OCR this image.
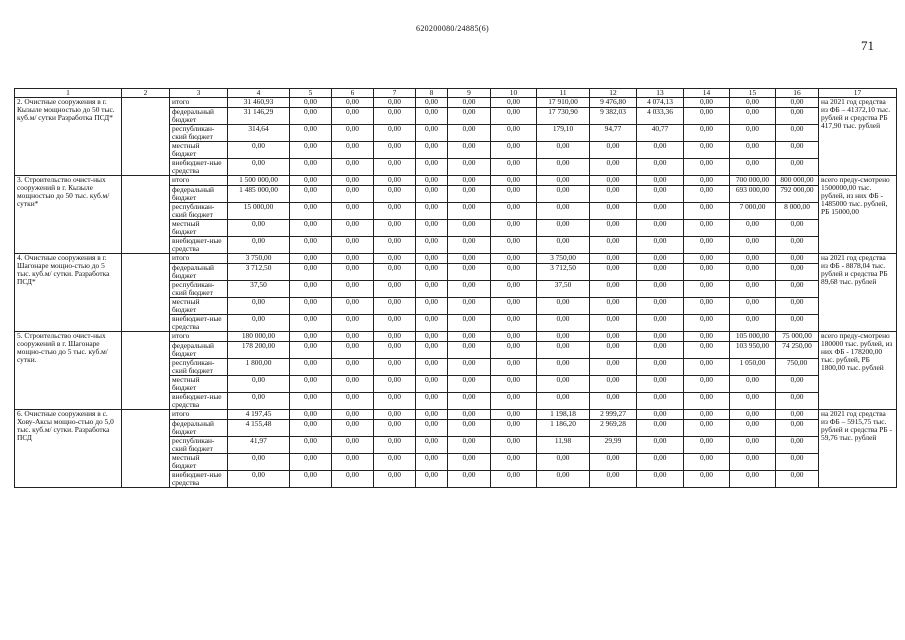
620200080/24885(6)
71
1	2	3	4	5	6	7	8	9	10	11	12	13	14	15	16	17
2. Очистные сооружения в г. Кызыле мощностью до 50 тыс. куб.м/ сутки Разработка ПСД*		итого	31 460,93	0,00	0,00	0,00	0,00	0,00	0,00	17 910,00	9 476,80	4 074,13	0,00	0,00	0,00	на 2021 год средства из ФБ – 41372,10 тыс. рублей и средства РБ 417,90 тыс. рублей
		федеральный бюджет	31 146,29	0,00	0,00	0,00	0,00	0,00	0,00	17 730,90	9 382,03	4 033,36	0,00	0,00	0,00	
		республикан-ский бюджет	314,64	0,00	0,00	0,00	0,00	0,00	0,00	179,10	94,77	40,77	0,00	0,00	0,00	
		местный бюджет	0,00	0,00	0,00	0,00	0,00	0,00	0,00	0,00	0,00	0,00	0,00	0,00	0,00	
		внебюджет-ные средства	0,00	0,00	0,00	0,00	0,00	0,00	0,00	0,00	0,00	0,00	0,00	0,00	0,00	
3. Строительство очист-ных сооружений в г. Кызыле мощностью до 50 тыс. куб.м/ сутки*		итого	1 500 000,00	0,00	0,00	0,00	0,00	0,00	0,00	0,00	0,00	0,00	0,00	700 000,00	800 000,00	всего преду-смотрено 1500000,00 тыс. рублей, из них ФБ - 1485000 тыс. рублей, РБ 15000,00
		федеральный бюджет	1 485 000,00	0,00	0,00	0,00	0,00	0,00	0,00	0,00	0,00	0,00	0,00	693 000,00	792 000,00	
		республикан-ский бюджет	15 000,00	0,00	0,00	0,00	0,00	0,00	0,00	0,00	0,00	0,00	0,00	7 000,00	8 000,00	
		местный бюджет	0,00	0,00	0,00	0,00	0,00	0,00	0,00	0,00	0,00	0,00	0,00	0,00	0,00	
		внебюджет-ные средства	0,00	0,00	0,00	0,00	0,00	0,00	0,00	0,00	0,00	0,00	0,00	0,00	0,00	
4. Очистные сооружения в г. Шагонаре мощно-стью до 5 тыс. куб.м/ сутки. Разработка ПСД*		итого	3 750,00	0,00	0,00	0,00	0,00	0,00	0,00	3 750,00	0,00	0,00	0,00	0,00	0,00	на 2021 год средства из ФБ - 8878,04 тыс. рублей и средства РБ 89,68 тыс. рублей
		федеральный бюджет	3 712,50	0,00	0,00	0,00	0,00	0,00	0,00	3 712,50	0,00	0,00	0,00	0,00	0,00	
		республикан-ский бюджет	37,50	0,00	0,00	0,00	0,00	0,00	0,00	37,50	0,00	0,00	0,00	0,00	0,00	
		местный бюджет	0,00	0,00	0,00	0,00	0,00	0,00	0,00	0,00	0,00	0,00	0,00	0,00	0,00	
		внебюджет-ные средства	0,00	0,00	0,00	0,00	0,00	0,00	0,00	0,00	0,00	0,00	0,00	0,00	0,00	
5. Строительство очист-ных сооружений в г. Шагонаре мощно-стью до 5 тыс. куб.м/ сутки.		итого	180 000,00	0,00	0,00	0,00	0,00	0,00	0,00	0,00	0,00	0,00	0,00	105 000,00	75 000,00	всего преду-смотрено 180000 тыс. рублей, из них ФБ - 178200,00 тыс. рублей, РБ 1800,00 тыс. рублей
		федеральный бюджет	178 200,00	0,00	0,00	0,00	0,00	0,00	0,00	0,00	0,00	0,00	0,00	103 950,00	74 250,00	
		республикан-ский бюджет	1 800,00	0,00	0,00	0,00	0,00	0,00	0,00	0,00	0,00	0,00	0,00	1 050,00	750,00	
		местный бюджет	0,00	0,00	0,00	0,00	0,00	0,00	0,00	0,00	0,00	0,00	0,00	0,00	0,00	
		внебюджет-ные средства	0,00	0,00	0,00	0,00	0,00	0,00	0,00	0,00	0,00	0,00	0,00	0,00	0,00	
6. Очистные сооружения в с. Хову-Аксы мощно-стью до 5,0 тыс. куб.м/ сутки. Разработка ПСД		итого	4 197,45	0,00	0,00	0,00	0,00	0,00	0,00	1 198,18	2 999,27	0,00	0,00	0,00	0,00	на 2021 год средства из ФБ – 5915,75 тыс. рублей и средства РБ - 59,76 тыс. рублей
		федеральный бюджет	4 155,48	0,00	0,00	0,00	0,00	0,00	0,00	1 186,20	2 969,28	0,00	0,00	0,00	0,00	
		республикан-ский бюджет	41,97	0,00	0,00	0,00	0,00	0,00	0,00	11,98	29,99	0,00	0,00	0,00	0,00	
		местный бюджет	0,00	0,00	0,00	0,00	0,00	0,00	0,00	0,00	0,00	0,00	0,00	0,00	0,00	
		внебюджет-ные средства	0,00	0,00	0,00	0,00	0,00	0,00	0,00	0,00	0,00	0,00	0,00	0,00	0,00	
